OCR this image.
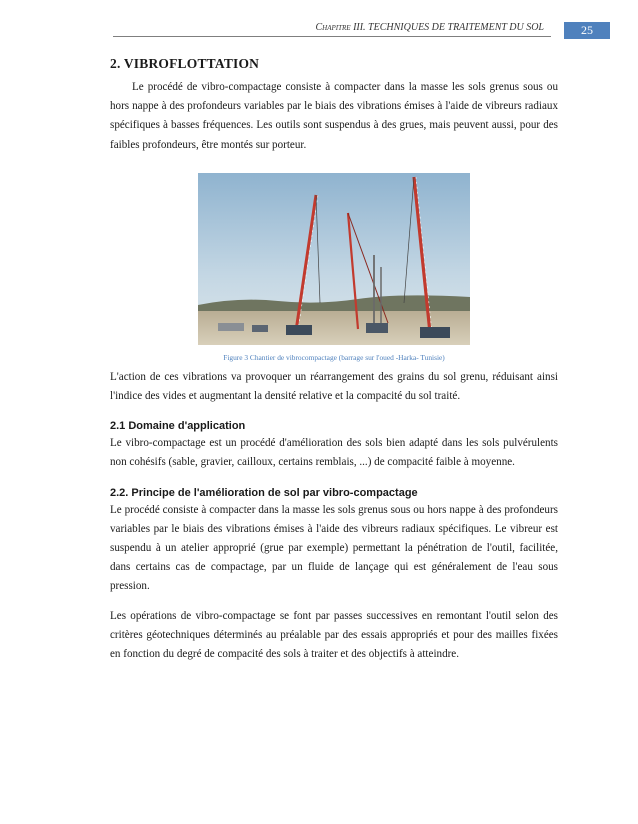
Chapitre III. TECHNIQUES DE TRAITEMENT DU SOL	25
2. VIBROFLOTTATION

Le procédé de vibro-compactage consiste à compacter dans la masse les sols grenus sous ou hors nappe à des profondeurs variables par le biais des vibrations émises à l'aide de vibreurs radiaux spécifiques à basses fréquences. Les outils sont suspendus à des grues, mais peuvent aussi, pour des faibles profondeurs, être montés sur porteur.

Figure 3 Chantier de vibrocompactage (barrage sur l'oued -Harka- Tunisie)

L'action de ces vibrations va provoquer un réarrangement des grains du sol grenu, réduisant ainsi l'indice des vides et augmentant la densité relative et la compacité du sol traité.

2.1 Domaine d'application

Le vibro-compactage est un procédé d'amélioration des sols bien adapté dans les sols pulvérulents non cohésifs (sable, gravier, cailloux, certains remblais, ...) de compacité faible à moyenne.

2.2. Principe de l'amélioration de sol par vibro-compactage

Le procédé consiste à compacter dans la masse les sols grenus sous ou hors nappe à des profondeurs variables par le biais des vibrations émises à l'aide des vibreurs radiaux spécifiques. Le vibreur est suspendu à un atelier approprié (grue par exemple) permettant la pénétration de l'outil, facilitée, dans certains cas de compactage, par un fluide de lançage qui est généralement de l'eau sous pression.

Les opérations de vibro-compactage se font par passes successives en remontant l'outil selon des critères géotechniques déterminés au préalable par des essais appropriés et pour des mailles fixées en fonction du degré de compacité des sols à traiter et des objectifs à atteindre.
